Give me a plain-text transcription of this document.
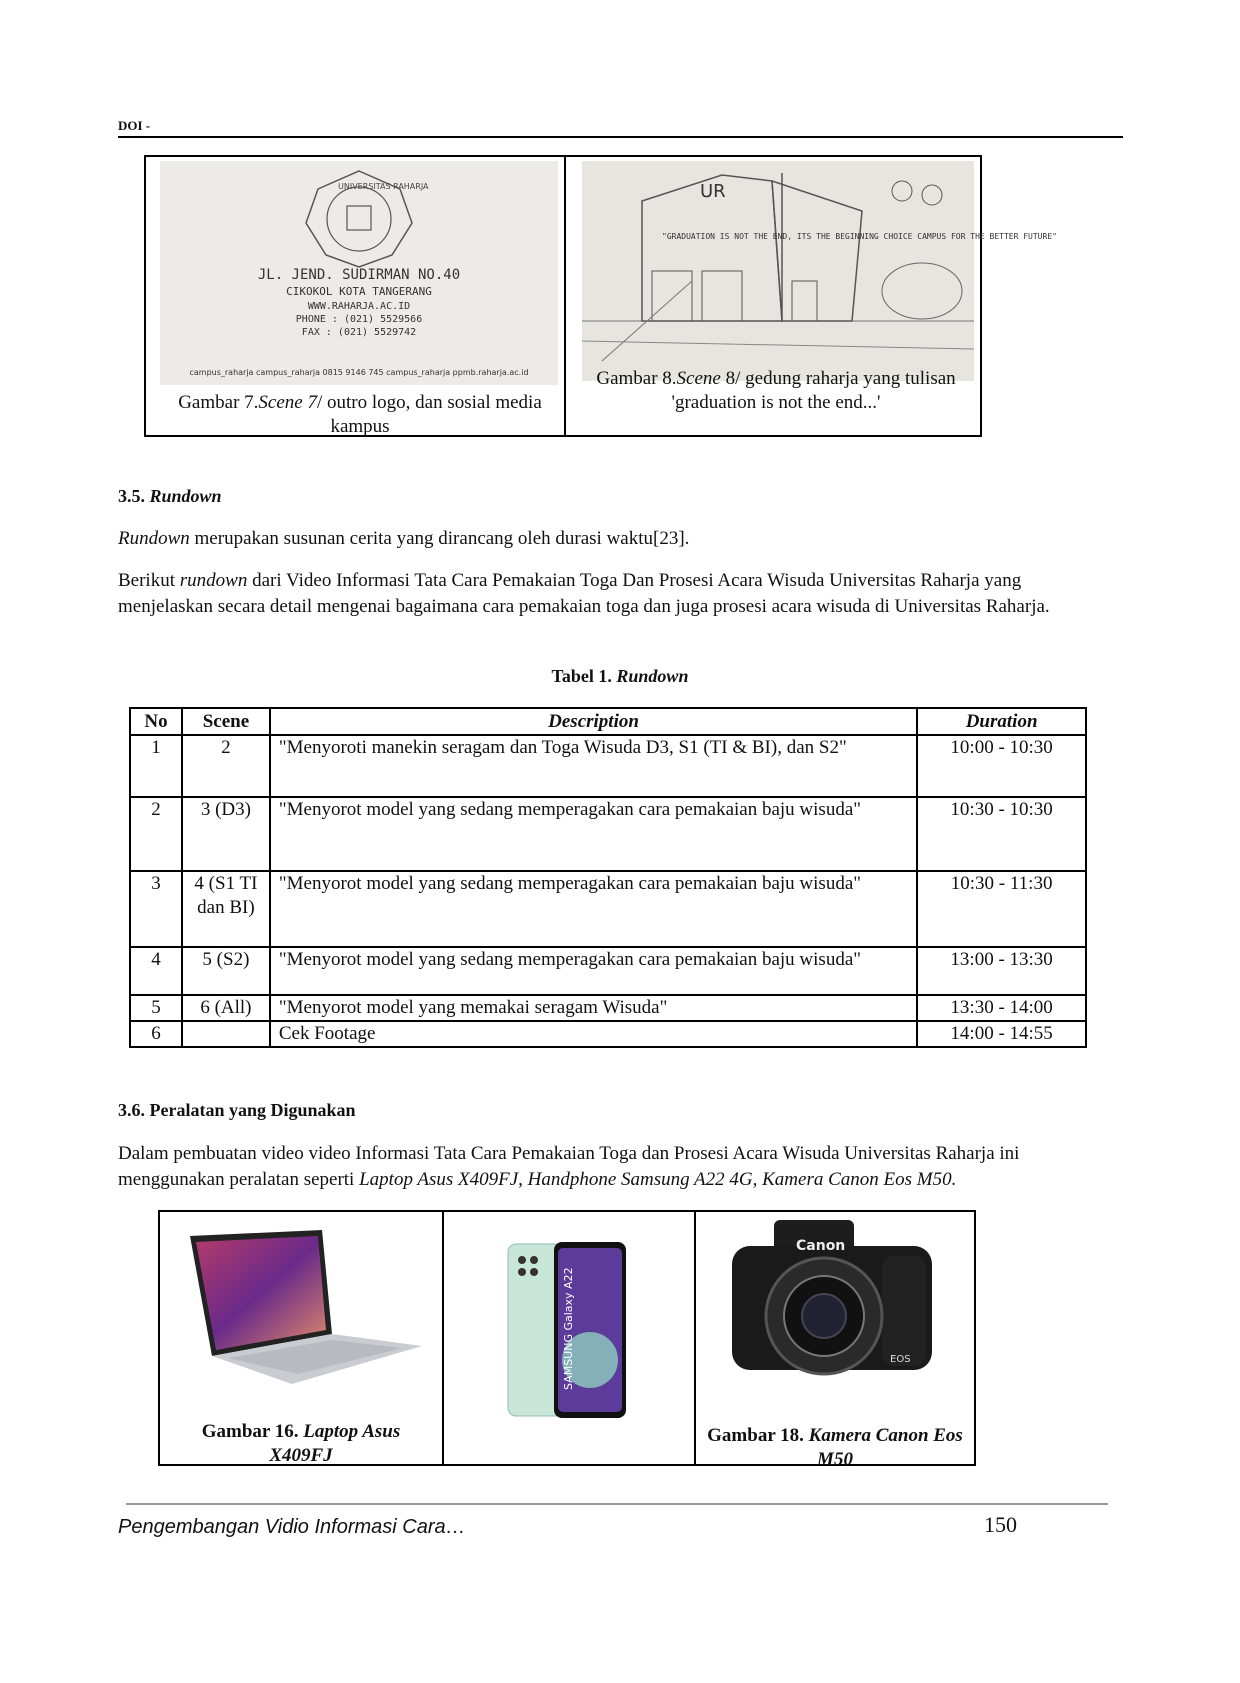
DOI -
UNIVERSITAS RAHARJA
JL. JEND. SUDIRMAN NO.40
CIKOKOL KOTA TANGERANG
WWW.RAHARJA.AC.ID
PHONE : (021) 5529566
FAX : (021) 5529742
campus_raharja campus_raharja 0815 9146 745 campus_raharja ppmb.raharja.ac.id
Gambar 7.Scene 7/ outro logo, dan sosial media kampus
UR
"GRADUATION IS NOT THE END, ITS THE BEGINNING CHOICE CAMPUS FOR THE BETTER FUTURE"
Gambar 8.Scene 8/ gedung raharja yang tulisan 'graduation is not the end...'
3.5. Rundown
Rundown merupakan susunan cerita yang dirancang oleh durasi waktu[23].
Berikut rundown dari Video Informasi Tata Cara Pemakaian Toga Dan Prosesi Acara Wisuda Universitas Raharja yang menjelaskan secara detail mengenai bagaimana cara pemakaian toga dan juga prosesi acara wisuda di Universitas Raharja.
Tabel 1. Rundown
No	Scene	Description	Duration
1	2	"Menyoroti manekin seragam dan Toga Wisuda D3, S1 (TI & BI), dan S2"	10:00 - 10:30
2	3 (D3)	"Menyorot model yang sedang memperagakan cara pemakaian baju wisuda"	10:30 - 10:30
3	4 (S1 TI dan BI)	"Menyorot model yang sedang memperagakan cara pemakaian baju wisuda"	10:30 - 11:30
4	5 (S2)	"Menyorot model yang sedang memperagakan cara pemakaian baju wisuda"	13:00 - 13:30
5	6 (All)	"Menyorot model yang memakai seragam Wisuda"	13:30 - 14:00
6		Cek Footage	14:00 - 14:55
3.6. Peralatan yang Digunakan
Dalam pembuatan video video Informasi Tata Cara Pemakaian Toga dan Prosesi Acara Wisuda Universitas Raharja ini menggunakan peralatan seperti Laptop Asus X409FJ, Handphone Samsung A22 4G, Kamera Canon Eos M50.
Gambar 16. Laptop Asus X409FJ
SAMSUNG Galaxy A22
Canon
EOS
Gambar 18. Kamera Canon Eos M50
Pengembangan Vidio Informasi Cara…	150
